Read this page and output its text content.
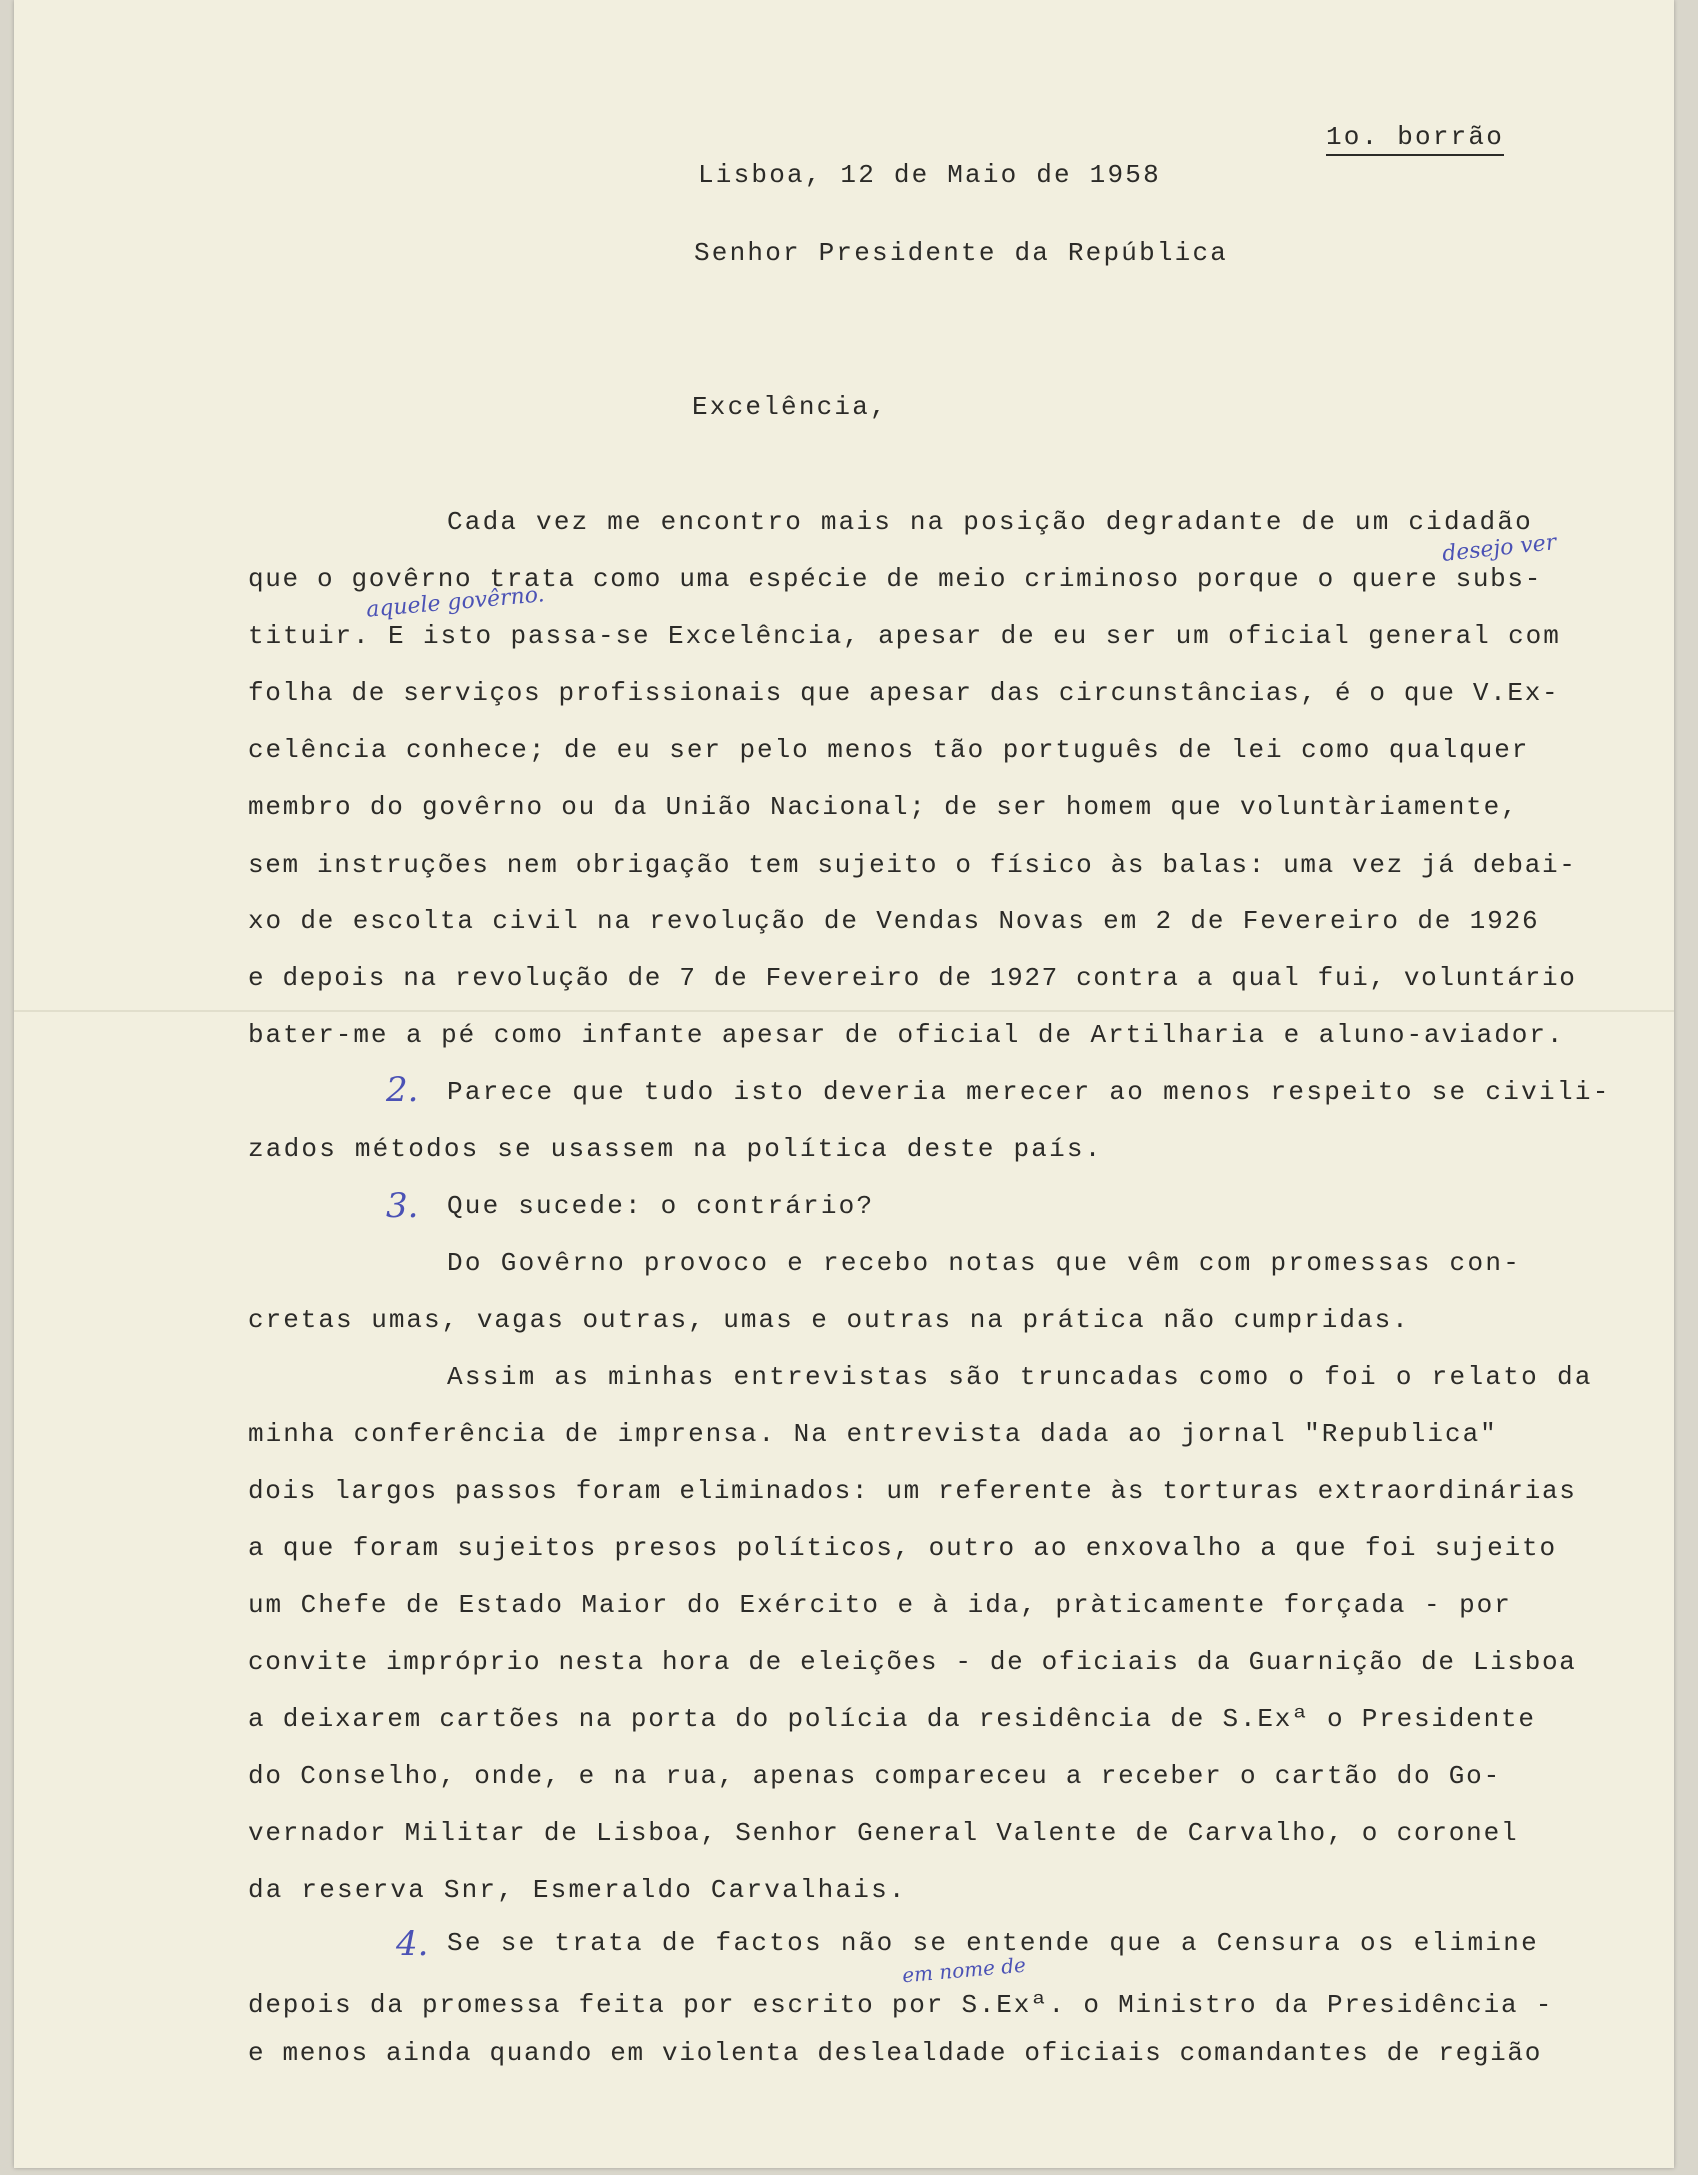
1o. borrão
Lisboa, 12 de Maio de 1958
Senhor Presidente da República
Excelência,
Cada vez me encontro mais na posição degradante de um cidadão
que o govêrno trata como uma espécie de meio criminoso porque o quere subs-
tituir. E isto passa-se Excelência, apesar de eu ser um oficial general com
folha de serviços profissionais que apesar das circunstâncias, é o que V.Ex-
celência conhece; de eu ser pelo menos tão português de lei como qualquer
membro do govêrno ou da União Nacional; de ser homem que voluntàriamente,
sem instruções nem obrigação tem sujeito o físico às balas: uma vez já debai-
xo de escolta civil na revolução de Vendas Novas em 2 de Fevereiro de 1926
e depois na revolução de 7 de Fevereiro de 1927 contra a qual fui, voluntário
bater-me a pé como infante apesar de oficial de Artilharia e aluno-aviador.
2. Parece que tudo isto deveria merecer ao menos respeito se civili-
zados métodos se usassem na política deste país.
3. Que sucede: o contrário?
Do Govêrno provoco e recebo notas que vêm com promessas con-
cretas umas, vagas outras, umas e outras na prática não cumpridas.
Assim as minhas entrevistas são truncadas como o foi o relato da
minha conferência de imprensa. Na entrevista dada ao jornal "Republica"
dois largos passos foram eliminados: um referente às torturas extraordinárias
a que foram sujeitos presos políticos, outro ao enxovalho a que foi sujeito
um Chefe de Estado Maior do Exército e à ida, pràticamente forçada - por
convite impróprio nesta hora de eleições - de oficiais da Guarnição de Lisboa
a deixarem cartões na porta do polícia da residência de S.Exª o Presidente
do Conselho, onde, e na rua, apenas compareceu a receber o cartão do Go-
vernador Militar de Lisboa, Senhor General Valente de Carvalho, o coronel
da reserva Snr, Esmeraldo Carvalhais.
4. Se se trata de factos não se entende que a Censura os elimine
depois da promessa feita por escrito por S.Exª. o Ministro da Presidência -
e menos ainda quando em violenta deslealdade oficiais comandantes de região
desejo ver
aquele govêrno.
em nome de
